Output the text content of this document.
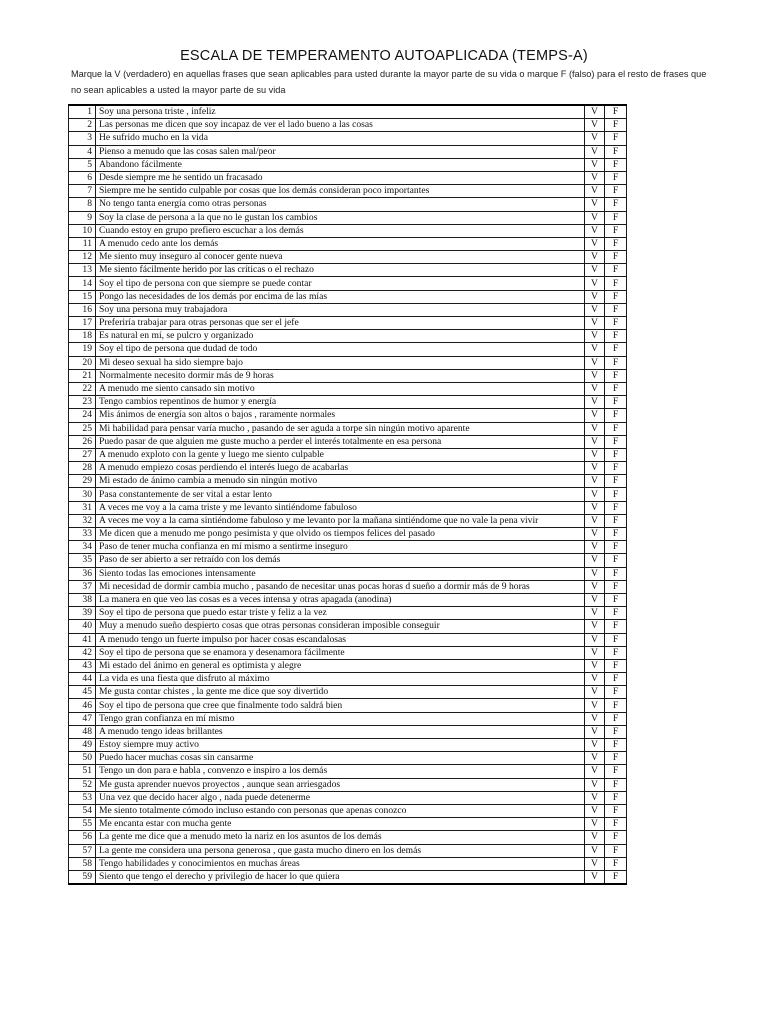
ESCALA DE TEMPERAMENTO AUTOAPLICADA (TEMPS-A)
Marque la V (verdadero) en aquellas frases que sean aplicables para usted durante la mayor parte de su vida o marque F (falso) para el resto de frases que
no sean aplicables a usted la mayor parte de su vida
1	Soy una persona triste , infeliz	V	F
2	Las personas me dicen que soy incapaz de ver el lado bueno a las cosas	V	F
3	He sufrido mucho en la vida	V	F
4	Pienso a menudo que las cosas salen mal/peor	V	F
5	Abandono fácilmente	V	F
6	Desde siempre me he sentido un fracasado	V	F
7	Siempre me he sentido culpable por cosas que los demás consideran poco importantes	V	F
8	No tengo tanta energía como otras personas	V	F
9	Soy la clase de persona a la que no le gustan los cambios	V	F
10	Cuando estoy en grupo prefiero escuchar a los demás	V	F
11	A menudo cedo ante los demás	V	F
12	Me siento muy inseguro al conocer gente nueva	V	F
13	Me siento fácilmente herido por las críticas o el rechazo	V	F
14	Soy el tipo de persona con que siempre se puede contar	V	F
15	Pongo las necesidades de los demás por encima de las mías	V	F
16	Soy una persona muy trabajadora	V	F
17	Preferiría trabajar para otras personas que ser el jefe	V	F
18	Es natural en mí, se pulcro y organizado	V	F
19	Soy el tipo de persona que dudad de todo	V	F
20	Mi deseo sexual ha sido siempre bajo	V	F
21	Normalmente necesito dormir más de 9 horas	V	F
22	A menudo me siento cansado sin motivo	V	F
23	Tengo cambios repentinos de humor y energía	V	F
24	Mis ánimos de energía son altos o bajos , raramente normales	V	F
25	Mi habilidad para pensar varía mucho , pasando de ser aguda a torpe sin ningún motivo aparente	V	F
26	Puedo pasar de que alguien me guste mucho a perder el interés totalmente en esa persona	V	F
27	A menudo exploto con la gente y luego me siento culpable	V	F
28	A menudo empiezo cosas perdiendo el interés luego de acabarlas	V	F
29	Mi estado de ánimo cambia a menudo sin ningún motivo	V	F
30	Pasa constantemente de ser vital a estar lento	V	F
31	A veces me voy a la cama triste y me levanto sintiéndome fabuloso	V	F
32	A veces me voy a la cama sintiéndome fabuloso y me levanto por la mañana sintiéndome que no vale la pena vivir	V	F
33	Me dicen que a menudo me pongo pesimista y que olvido os tiempos felices del pasado	V	F
34	Paso de tener mucha confianza en mí mismo a sentirme inseguro	V	F
35	Paso de ser abierto a ser retraído con los demás	V	F
36	Siento todas las emociones intensamente	V	F
37	Mi necesidad de dormir cambia mucho , pasando de necesitar unas pocas horas d sueño a dormir más de 9 horas	V	F
38	La manera en que veo las cosas es a veces intensa y otras apagada (anodina)	V	F
39	Soy el tipo de persona que puedo estar triste y feliz a la vez	V	F
40	Muy a menudo sueño despierto cosas que otras personas consideran imposible conseguir	V	F
41	A menudo tengo un fuerte impulso por hacer cosas escandalosas	V	F
42	Soy el tipo de persona que se enamora y desenamora fácilmente	V	F
43	Mi estado del ánimo en general es optimista y alegre	V	F
44	La vida es una fiesta que disfruto al máximo	V	F
45	Me gusta contar chistes , la gente me dice que soy divertido	V	F
46	Soy el tipo de persona que cree que finalmente todo saldrá bien	V	F
47	Tengo gran confianza en mí mismo	V	F
48	A menudo tengo ideas brillantes	V	F
49	Estoy siempre muy activo	V	F
50	Puedo hacer muchas cosas sin cansarme	V	F
51	Tengo un don para e habla , convenzo e inspiro a los demás	V	F
52	Me gusta aprender nuevos proyectos , aunque sean arriesgados	V	F
53	Una vez que decido hacer algo , nada puede detenerme	V	F
54	Me siento totalmente cómodo incluso estando con personas que apenas conozco	V	F
55	Me encanta estar con mucha gente	V	F
56	La gente me dice que a menudo meto la nariz en los asuntos de los demás	V	F
57	La gente me considera una persona generosa , que gasta mucho dinero en los demás	V	F
58	Tengo habilidades y conocimientos en muchas áreas	V	F
59	Siento que tengo el derecho y privilegio de hacer lo que quiera	V	F
